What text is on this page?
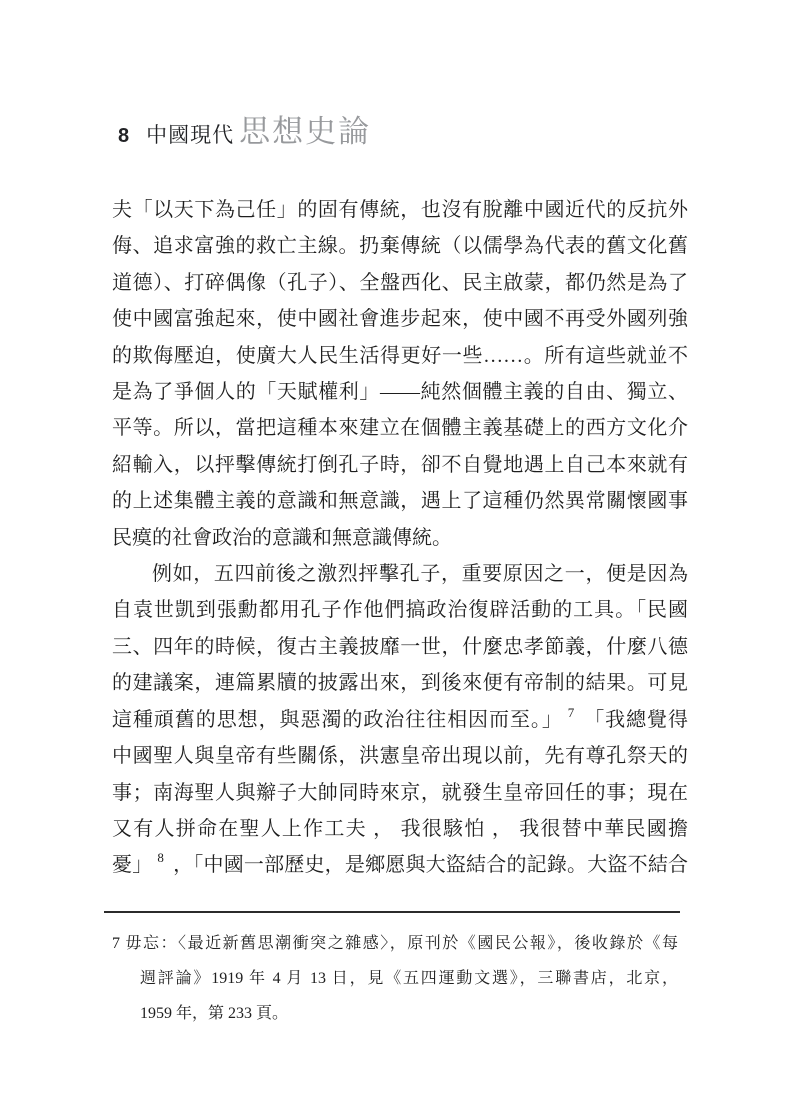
8 中國現代 思想史論
夫「以天下為己任」的固有傳統，也沒有脫離中國近代的反抗外
侮、追求富強的救亡主線。扔棄傳統（以儒學為代表的舊文化舊
道德）、打碎偶像（孔子）、全盤西化、民主啟蒙，都仍然是為了
使中國富強起來，使中國社會進步起來，使中國不再受外國列強
的欺侮壓迫，使廣大人民生活得更好一些……。所有這些就並不
是為了爭個人的「天賦權利」——純然個體主義的自由、獨立、
平等。所以，當把這種本來建立在個體主義基礎上的西方文化介
紹輸入，以抨擊傳統打倒孔子時，卻不自覺地遇上自己本來就有
的上述集體主義的意識和無意識，遇上了這種仍然異常關懷國事
民瘼的社會政治的意識和無意識傳統。
例如，五四前後之激烈抨擊孔子，重要原因之一，便是因為
自袁世凱到張勳都用孔子作他們搞政治復辟活動的工具。「民國
三、四年的時候，復古主義披靡一世，什麼忠孝節義，什麼八德
的建議案，連篇累牘的披露出來，到後來便有帝制的結果。可見
這種頑舊的思想，與惡濁的政治往往相因而至。」 $^7$ 「我總覺得
中國聖人與皇帝有些關係，洪憲皇帝出現以前，先有尊孔祭天的
事；南海聖人與辮子大帥同時來京，就發生皇帝回任的事；現在
又有人拼命在聖人上作工夫 ， 我很駭怕 ， 我很替中華民國擔
憂」 $^8$ ，「中國一部歷史，是鄉愿與大盜結合的記錄。大盜不結合
7 毋忘：〈最近新舊思潮衝突之雜感〉，原刊於《國民公報》，後收錄於《每
週評論》1919 年 4 月 13 日，見《五四運動文選》，三聯書店，北京，
1959 年，第 233 頁。
